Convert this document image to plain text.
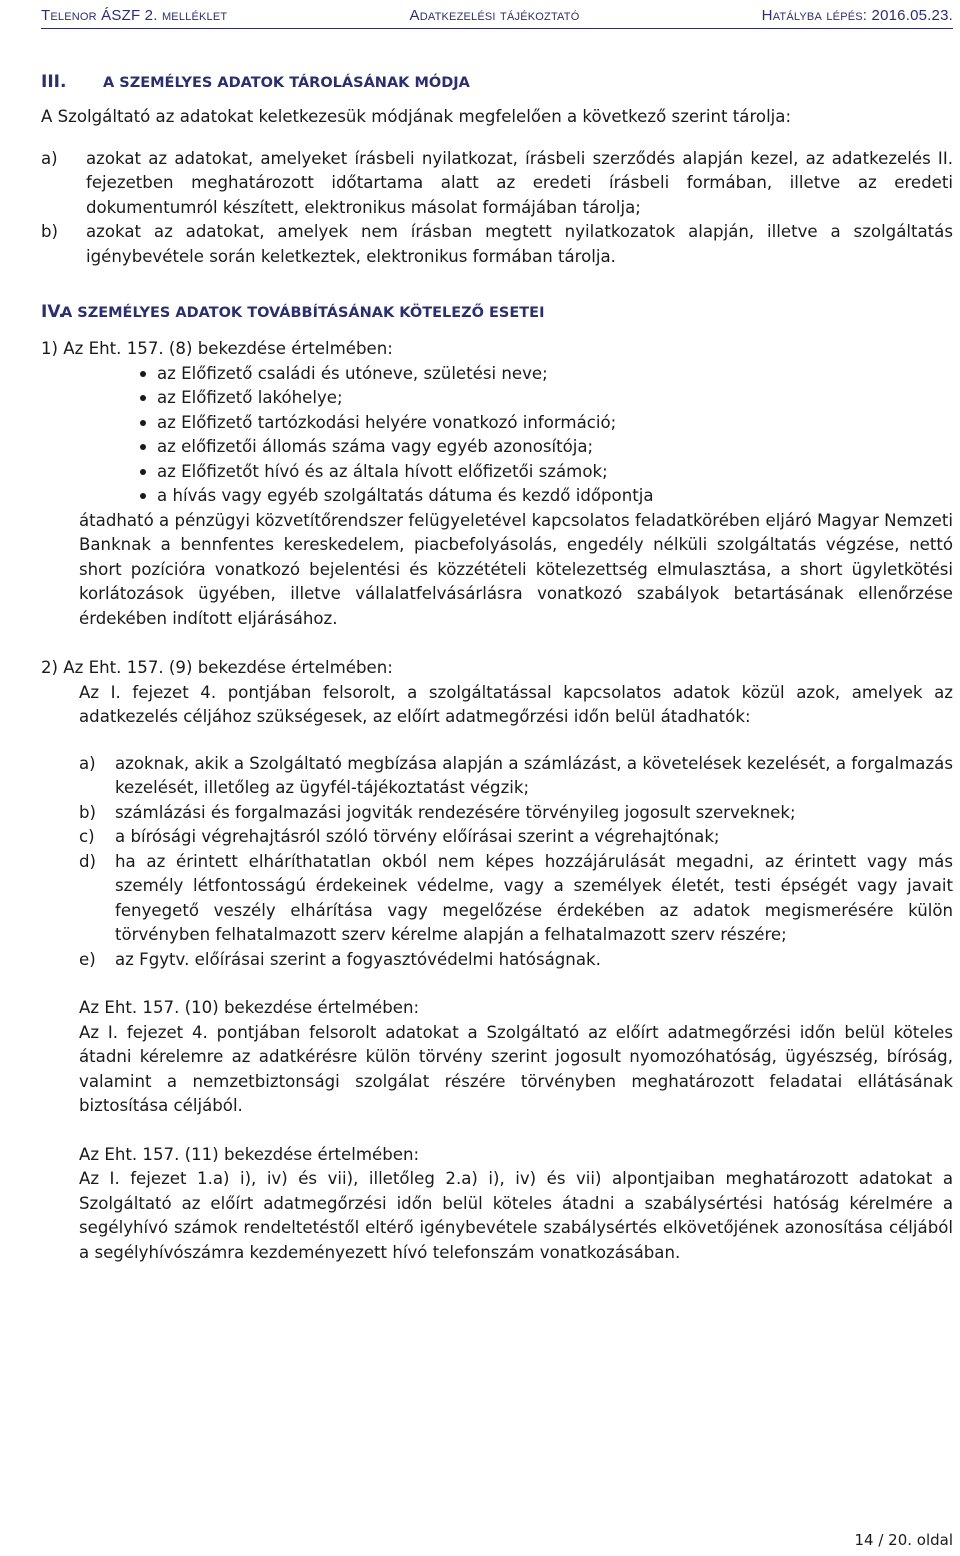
Telenor ÁSZF 2. melléklet	Adatkezelési tájékoztató	Hatályba lépés: 2016.05.23.
III.	A SZEMÉLYES ADATOK TÁROLÁSÁNAK MÓDJA
A Szolgáltató az adatokat keletkezesük módjának megfelelően a következő szerint tárolja:
a)	azokat az adatokat, amelyeket írásbeli nyilatkozat, írásbeli szerződés alapján kezel, az adatkezelés II. fejezetben meghatározott időtartama alatt az eredeti írásbeli formában, illetve az eredeti dokumentumról készített, elektronikus másolat formájában tárolja;
b)	azokat az adatokat, amelyek nem írásban megtett nyilatkozatok alapján, illetve a szolgáltatás igénybevétele során keletkeztek, elektronikus formában tárolja.
IV.
A SZEMÉLYES ADATOK TOVÁBBÍTÁSÁNAK KÖTELEZŐ ESETEI
1) Az Eht. 157. (8) bekezdése értelmében:
az Előfizető családi és utóneve, születési neve;
az Előfizető lakóhelye;
az Előfizető tartózkodási helyére vonatkozó információ;
az előfizetői állomás száma vagy egyéb azonosítója;
az Előfizetőt hívó és az általa hívott előfizetői számok;
a hívás vagy egyéb szolgáltatás dátuma és kezdő időpontja
átadható a pénzügyi közvetítőrendszer felügyeletével kapcsolatos feladatkörében eljáró Magyar Nemzeti Banknak a bennfentes kereskedelem, piacbefolyásolás, engedély nélküli szolgáltatás végzése, nettó short pozícióra vonatkozó bejelentési és közzétételi kötelezettség elmulasztása, a short ügyletkötési korlátozások ügyében, illetve vállalatfelvásárlásra vonatkozó szabályok betartásának ellenőrzése érdekében indított eljárásához.
2) Az Eht. 157. (9) bekezdése értelmében:
Az I. fejezet 4. pontjában felsorolt, a szolgáltatással kapcsolatos adatok közül azok, amelyek az adatkezelés céljához szükségesek, az előírt adatmegőrzési időn belül átadhatók:
a)	azoknak, akik a Szolgáltató megbízása alapján a számlázást, a követelések kezelését, a forgalmazás kezelését, illetőleg az ügyfél-tájékoztatást végzik;
b)	számlázási és forgalmazási jogviták rendezésére törvényileg jogosult szerveknek;
c)	a bírósági végrehajtásról szóló törvény előírásai szerint a végrehajtónak;
d)	ha az érintett elháríthatatlan okból nem képes hozzájárulását megadni, az érintett vagy más személy létfontosságú érdekeinek védelme, vagy a személyek életét, testi épségét vagy javait fenyegető veszély elhárítása vagy megelőzése érdekében az adatok megismerésére külön törvényben felhatalmazott szerv kérelme alapján a felhatalmazott szerv részére;
e)	az Fgytv. előírásai szerint a fogyasztóvédelmi hatóságnak.
Az Eht. 157. (10) bekezdése értelmében:
Az I. fejezet 4. pontjában felsorolt adatokat a Szolgáltató az előírt adatmegőrzési időn belül köteles átadni kérelemre az adatkérésre külön törvény szerint jogosult nyomozóhatóság, ügyészség, bíróság, valamint a nemzetbiztonsági szolgálat részére törvényben meghatározott feladatai ellátásának biztosítása céljából.
Az Eht. 157. (11) bekezdése értelmében:
Az I. fejezet 1.a) i), iv) és vii), illetőleg 2.a) i), iv) és vii) alpontjaiban meghatározott adatokat a Szolgáltató az előírt adatmegőrzési időn belül köteles átadni a szabálysértési hatóság kérelmére a segélyhívó számok rendeltetéstől eltérő igénybevétele szabálysértés elkövetőjének azonosítása céljából a segélyhívószámra kezdeményezett hívó telefonszám vonatkozásában.
14 / 20. oldal
